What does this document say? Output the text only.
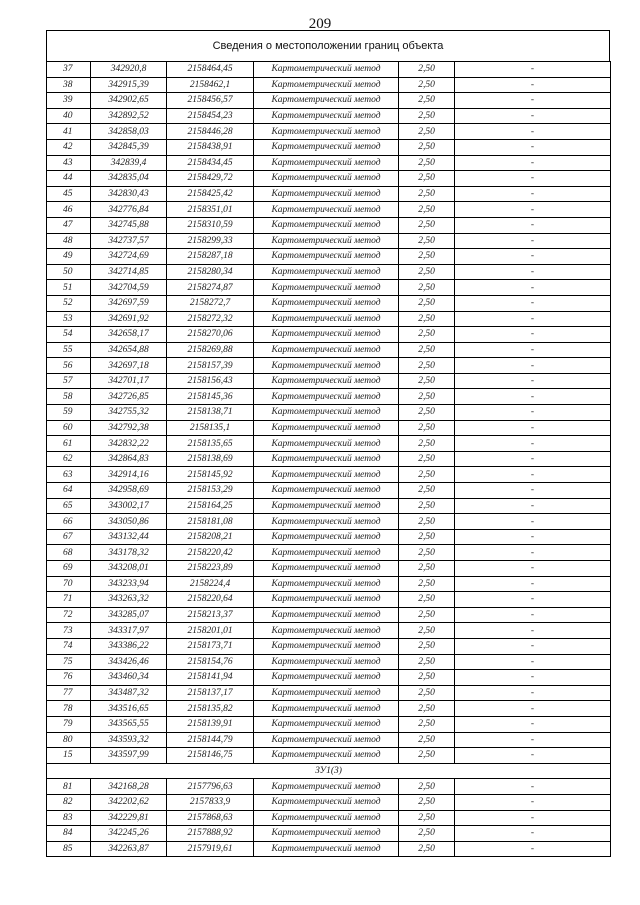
209
Сведения о местоположении границ объекта
37	342920,8	2158464,45	Картометрический метод	2,50	-
38	342915,39	2158462,1	Картометрический метод	2,50	-
39	342902,65	2158456,57	Картометрический метод	2,50	-
40	342892,52	2158454,23	Картометрический метод	2,50	-
41	342858,03	2158446,28	Картометрический метод	2,50	-
42	342845,39	2158438,91	Картометрический метод	2,50	-
43	342839,4	2158434,45	Картометрический метод	2,50	-
44	342835,04	2158429,72	Картометрический метод	2,50	-
45	342830,43	2158425,42	Картометрический метод	2,50	-
46	342776,84	2158351,01	Картометрический метод	2,50	-
47	342745,88	2158310,59	Картометрический метод	2,50	-
48	342737,57	2158299,33	Картометрический метод	2,50	-
49	342724,69	2158287,18	Картометрический метод	2,50	-
50	342714,85	2158280,34	Картометрический метод	2,50	-
51	342704,59	2158274,87	Картометрический метод	2,50	-
52	342697,59	2158272,7	Картометрический метод	2,50	-
53	342691,92	2158272,32	Картометрический метод	2,50	-
54	342658,17	2158270,06	Картометрический метод	2,50	-
55	342654,88	2158269,88	Картометрический метод	2,50	-
56	342697,18	2158157,39	Картометрический метод	2,50	-
57	342701,17	2158156,43	Картометрический метод	2,50	-
58	342726,85	2158145,36	Картометрический метод	2,50	-
59	342755,32	2158138,71	Картометрический метод	2,50	-
60	342792,38	2158135,1	Картометрический метод	2,50	-
61	342832,22	2158135,65	Картометрический метод	2,50	-
62	342864,83	2158138,69	Картометрический метод	2,50	-
63	342914,16	2158145,92	Картометрический метод	2,50	-
64	342958,69	2158153,29	Картометрический метод	2,50	-
65	343002,17	2158164,25	Картометрический метод	2,50	-
66	343050,86	2158181,08	Картометрический метод	2,50	-
67	343132,44	2158208,21	Картометрический метод	2,50	-
68	343178,32	2158220,42	Картометрический метод	2,50	-
69	343208,01	2158223,89	Картометрический метод	2,50	-
70	343233,94	2158224,4	Картометрический метод	2,50	-
71	343263,32	2158220,64	Картометрический метод	2,50	-
72	343285,07	2158213,37	Картометрический метод	2,50	-
73	343317,97	2158201,01	Картометрический метод	2,50	-
74	343386,22	2158173,71	Картометрический метод	2,50	-
75	343426,46	2158154,76	Картометрический метод	2,50	-
76	343460,34	2158141,94	Картометрический метод	2,50	-
77	343487,32	2158137,17	Картометрический метод	2,50	-
78	343516,65	2158135,82	Картометрический метод	2,50	-
79	343565,55	2158139,91	Картометрический метод	2,50	-
80	343593,32	2158144,79	Картометрический метод	2,50	-
15	343597,99	2158146,75	Картометрический метод	2,50	-
ЗУ1(3)					
81	342168,28	2157796,63	Картометрический метод	2,50	-
82	342202,62	2157833,9	Картометрический метод	2,50	-
83	342229,81	2157868,63	Картометрический метод	2,50	-
84	342245,26	2157888,92	Картометрический метод	2,50	-
85	342263,87	2157919,61	Картометрический метод	2,50	-
